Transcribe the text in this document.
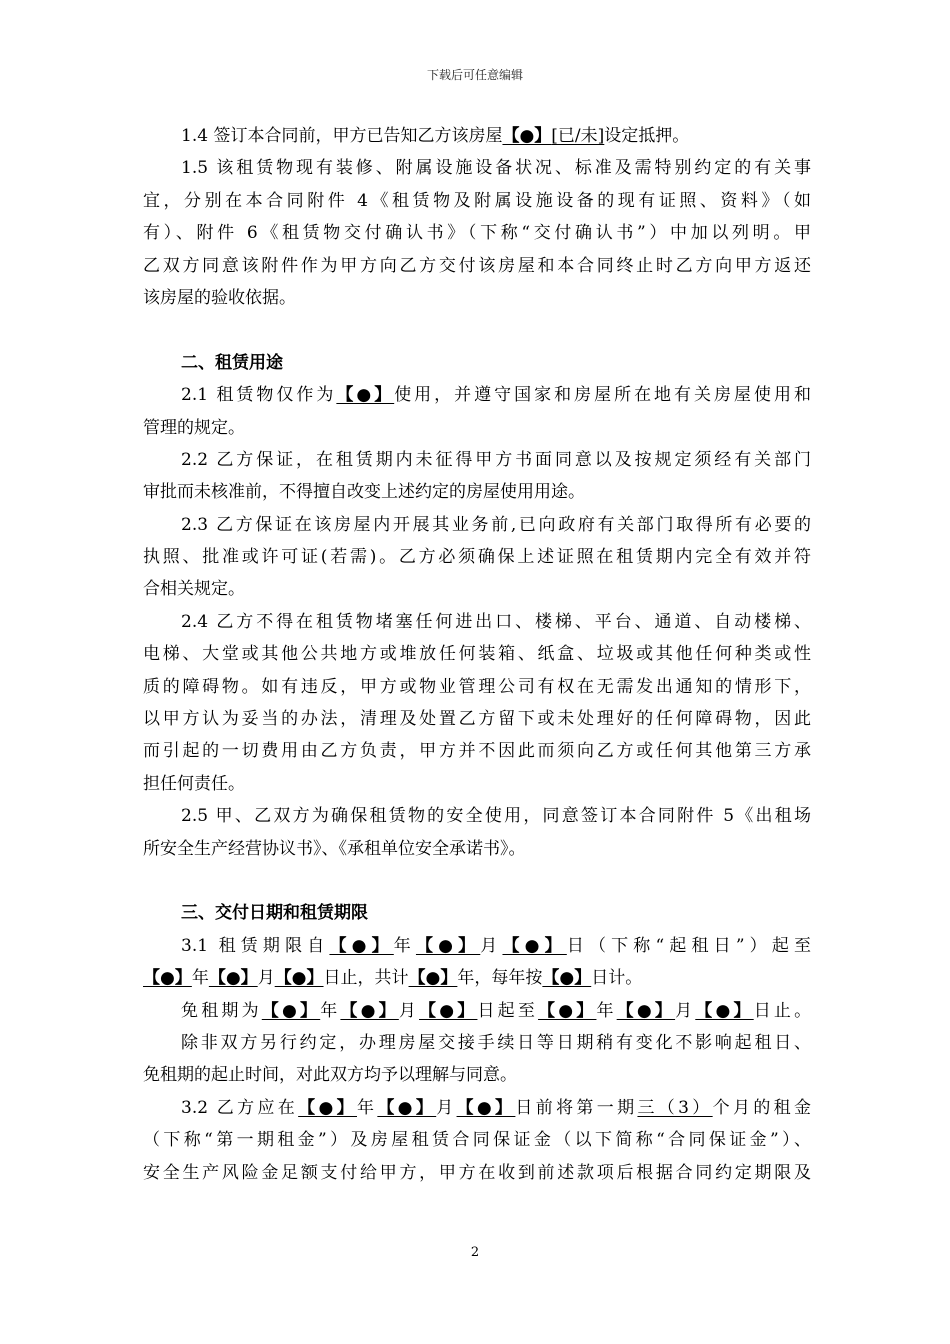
下载后可任意编辑
1.4 签订本合同前，甲方已告知乙方该房屋【●】[已/未]设定抵押。
1.5 该租赁物现有装修、附属设施设备状况、标准及需特别约定的有关事
宜，分别在本合同附件 4《租赁物及附属设施设备的现有证照、资料》（如
有）、附件 6《租赁物交付确认书》（下称“交付确认书”）中加以列明。甲
乙双方同意该附件作为甲方向乙方交付该房屋和本合同终止时乙方向甲方返还
该房屋的验收依据。
二、租赁用途
2.1 租赁物仅作为【●】使用，并遵守国家和房屋所在地有关房屋使用和
管理的规定。
2.2 乙方保证，在租赁期内未征得甲方书面同意以及按规定须经有关部门
审批而未核准前，不得擅自改变上述约定的房屋使用用途。
2.3 乙方保证在该房屋内开展其业务前,已向政府有关部门取得所有必要的
执照、批准或许可证(若需)。乙方必须确保上述证照在租赁期内完全有效并符
合相关规定。
2.4 乙方不得在租赁物堵塞任何进出口、楼梯、平台、通道、自动楼梯、
电梯、大堂或其他公共地方或堆放任何装箱、纸盒、垃圾或其他任何种类或性
质的障碍物。如有违反，甲方或物业管理公司有权在无需发出通知的情形下，
以甲方认为妥当的办法，清理及处置乙方留下或未处理好的任何障碍物，因此
而引起的一切费用由乙方负责，甲方并不因此而须向乙方或任何其他第三方承
担任何责任。
2.5 甲、乙双方为确保租赁物的安全使用，同意签订本合同附件 5《出租场
所安全生产经营协议书》、《承租单位安全承诺书》。
三、交付日期和租赁期限
3.1 租赁期限自【●】年【●】月【●】日（下称“起租日”）起至
【●】年【●】月【●】日止，共计【●】年，每年按【●】日计。
免租期为【●】年【●】月【●】日起至【●】年【●】月【●】日止。
除非双方另行约定，办理房屋交接手续日等日期稍有变化不影响起租日、
免租期的起止时间，对此双方均予以理解与同意。
3.2 乙方应在【●】年【●】月【●】日前将第一期三（3）个月的租金
（下称“第一期租金”）及房屋租赁合同保证金（以下简称“合同保证金”）、
安全生产风险金足额支付给甲方，甲方在收到前述款项后根据合同约定期限及
2
